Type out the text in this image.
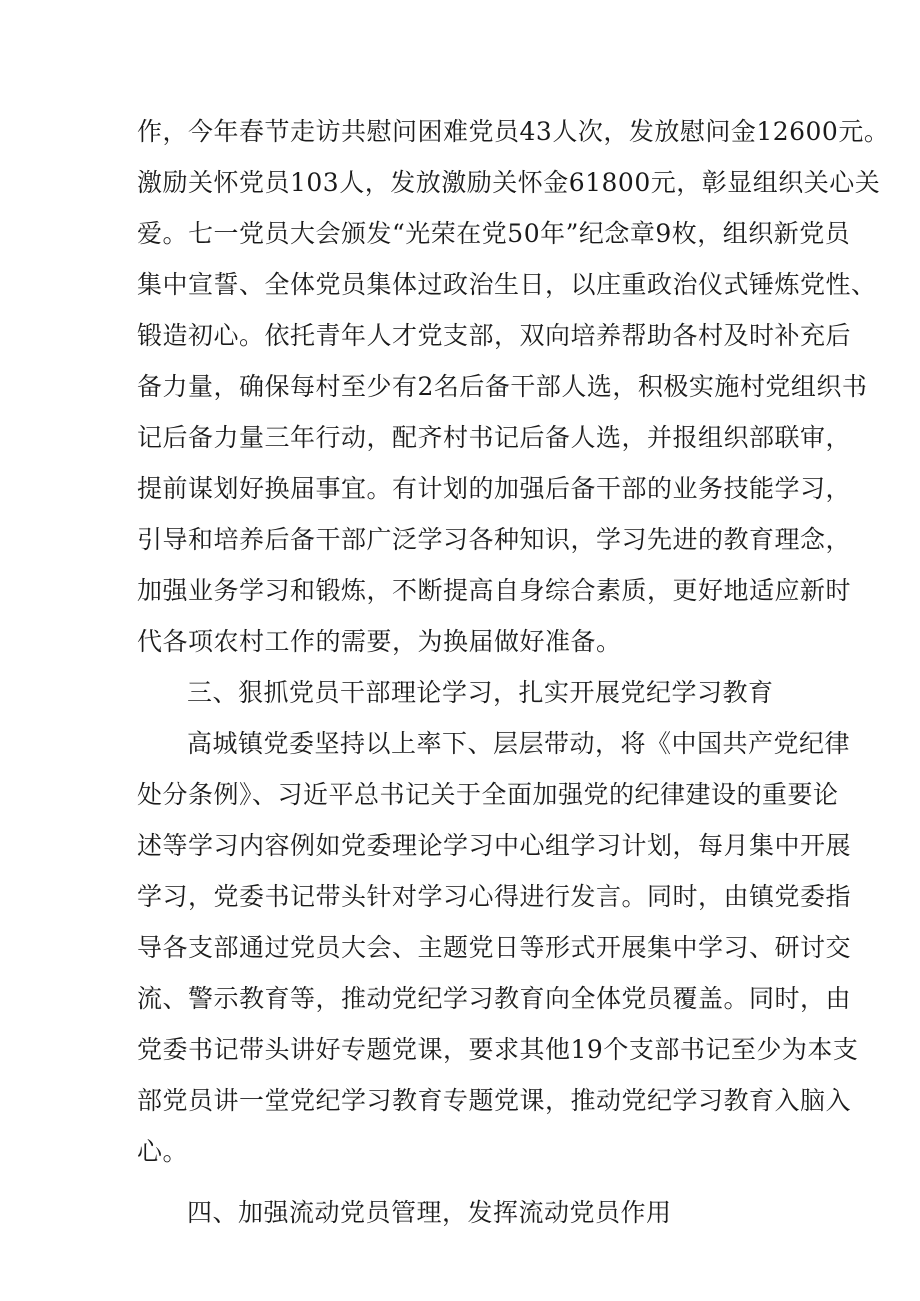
作，今年春节走访共慰问困难党员43人次，发放慰问金12600元。
激励关怀党员103人，发放激励关怀金61800元，彰显组织关心关
爱。七一党员大会颁发“光荣在党50年”纪念章9枚，组织新党员
集中宣誓、全体党员集体过政治生日，以庄重政治仪式锤炼党性、
锻造初心。依托青年人才党支部，双向培养帮助各村及时补充后
备力量，确保每村至少有2名后备干部人选，积极实施村党组织书
记后备力量三年行动，配齐村书记后备人选，并报组织部联审，
提前谋划好换届事宜。有计划的加强后备干部的业务技能学习，
引导和培养后备干部广泛学习各种知识，学习先进的教育理念，
加强业务学习和锻炼，不断提高自身综合素质，更好地适应新时
代各项农村工作的需要，为换届做好准备。
三、狠抓党员干部理论学习，扎实开展党纪学习教育
高城镇党委坚持以上率下、层层带动，将《中国共产党纪律
处分条例》、习近平总书记关于全面加强党的纪律建设的重要论
述等学习内容例如党委理论学习中心组学习计划，每月集中开展
学习，党委书记带头针对学习心得进行发言。同时，由镇党委指
导各支部通过党员大会、主题党日等形式开展集中学习、研讨交
流、警示教育等，推动党纪学习教育向全体党员覆盖。同时，由
党委书记带头讲好专题党课，要求其他19个支部书记至少为本支
部党员讲一堂党纪学习教育专题党课，推动党纪学习教育入脑入
心。
四、加强流动党员管理，发挥流动党员作用
